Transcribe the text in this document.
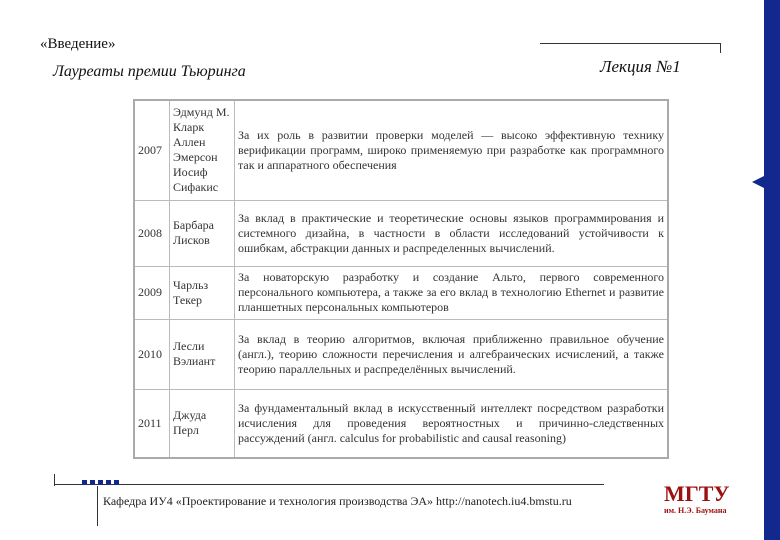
«Введение»
Лауреаты премии Тьюринга	Лекция №1
2007	Эдмунд М. Кларк Аллен Эмерсон Иосиф Сифакис	За их роль в развитии проверки моделей — высоко эффективную технику верификации программ, широко применяемую при разработке как программного так и аппаратного обеспечения
2008	Барбара Лисков	За вклад в практические и теоретические основы языков программирования и системного дизайна, в частности в области исследований устойчивости к ошибкам, абстракции данных и распределенных вычислений.
2009	Чарльз Текер	За новаторскую разработку и создание Альто, первого современного персонального компьютера, а также за его вклад в технологию Ethernet и развитие планшетных персональных компьютеров
2010	Лесли Вэлиант	За вклад в теорию алгоритмов, включая приближенно правильное обучение (англ.), теорию сложности перечисления и алгебраических исчислений, а также теорию параллельных и распределённых вычислений.
2011	Джуда Перл	За фундаментальный вклад в искусственный интеллект посредством разработки исчисления для проведения вероятностных и причинно-следственных рассуждений (англ. calculus for probabilistic and causal reasoning)
Кафедра ИУ4 «Проектирование и технология производства ЭА» http://nanotech.iu4.bmstu.ru	МГТУ
им. Н.Э. Баумана
